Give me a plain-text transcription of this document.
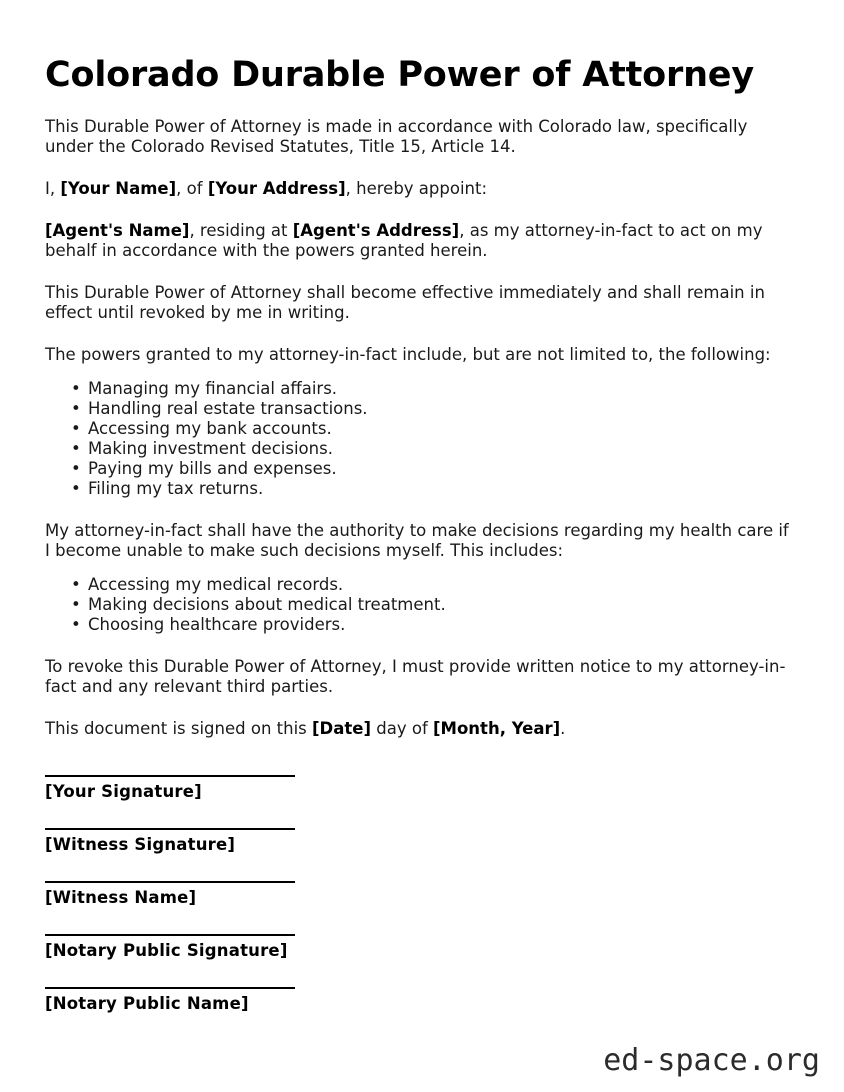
Colorado Durable Power of Attorney

This Durable Power of Attorney is made in accordance with Colorado law, specifically under the Colorado Revised Statutes, Title 15, Article 14.

I, [Your Name], of [Your Address], hereby appoint:

[Agent's Name], residing at [Agent's Address], as my attorney-in-fact to act on my behalf in accordance with the powers granted herein.

This Durable Power of Attorney shall become effective immediately and shall remain in effect until revoked by me in writing.

The powers granted to my attorney-in-fact include, but are not limited to, the following:

• Managing my financial affairs.
• Handling real estate transactions.
• Accessing my bank accounts.
• Making investment decisions.
• Paying my bills and expenses.
• Filing my tax returns.

My attorney-in-fact shall have the authority to make decisions regarding my health care if I become unable to make such decisions myself. This includes:

• Accessing my medical records.
• Making decisions about medical treatment.
• Choosing healthcare providers.

To revoke this Durable Power of Attorney, I must provide written notice to my attorney-in-fact and any relevant third parties.

This document is signed on this [Date] day of [Month, Year].

[Your Signature]
[Witness Signature]
[Witness Name]
[Notary Public Signature]
[Notary Public Name]
ed-space.org
